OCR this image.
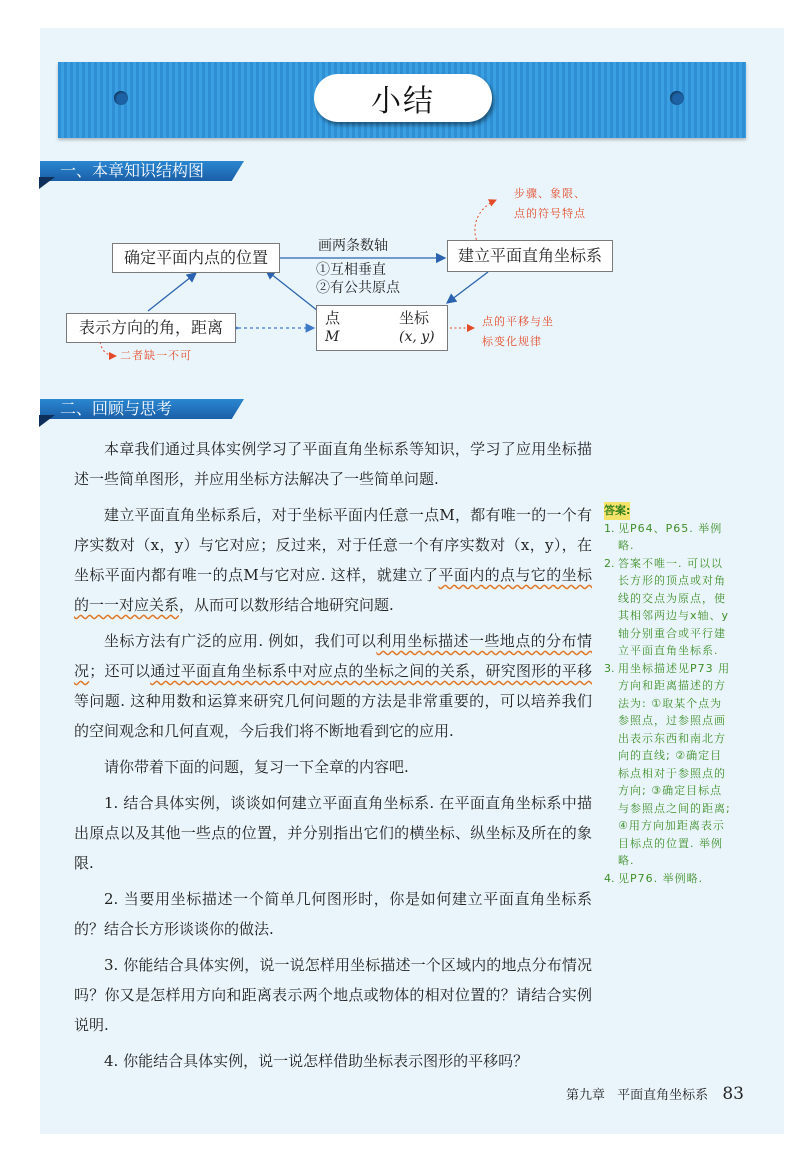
小结
一、本章知识结构图
确定平面内点的位置	建立平面直角坐标系
表示方向的角，距离	点
M
坐标
(x, y)
画两条数轴
①互相垂直
②有公共原点
步骤、象限、
点的符号特点
点的平移与坐
标变化规律
二者缺一不可
二、回顾与思考

本章我们通过具体实例学习了平面直角坐标系等知识，学习了应用坐标描述一些简单图形，并应用坐标方法解决了一些简单问题.

建立平面直角坐标系后，对于坐标平面内任意一点M，都有唯一的一个有序实数对（x，y）与它对应；反过来，对于任意一个有序实数对（x，y），在坐标平面内都有唯一的点M与它对应. 这样，就建立了平面内的点与它的坐标的一一对应关系，从而可以数形结合地研究问题.

坐标方法有广泛的应用. 例如，我们可以利用坐标描述一些地点的分布情况；还可以通过平面直角坐标系中对应点的坐标之间的关系，研究图形的平移等问题. 这种用数和运算来研究几何问题的方法是非常重要的，可以培养我们的空间观念和几何直观，今后我们将不断地看到它的应用.

请你带着下面的问题，复习一下全章的内容吧.

1. 结合具体实例，谈谈如何建立平面直角坐标系. 在平面直角坐标系中描出原点以及其他一些点的位置，并分别指出它们的横坐标、纵坐标及所在的象限.

2. 当要用坐标描述一个简单几何图形时，你是如何建立平面直角坐标系的？结合长方形谈谈你的做法.

3. 你能结合具体实例，说一说怎样用坐标描述一个区域内的地点分布情况吗？你又是怎样用方向和距离表示两个地点或物体的相对位置的？请结合实例说明.

4. 你能结合具体实例，说一说怎样借助坐标表示图形的平移吗？

答案:
1. 见P64、P65. 举例略.
2. 答案不唯一. 可以以长方形的顶点或对角线的交点为原点，使其相邻两边与x轴、y轴分别重合或平行建立平面直角坐标系.
3. 用坐标描述见P73 用方向和距离描述的方法为: ①取某个点为参照点，过参照点画出表示东西和南北方向的直线; ②确定目标点相对于参照点的方向; ③确定目标点与参照点之间的距离; ④用方向加距离表示目标点的位置. 举例略.
4. 见P76. 举例略.
第九章 平面直角坐标系 83
